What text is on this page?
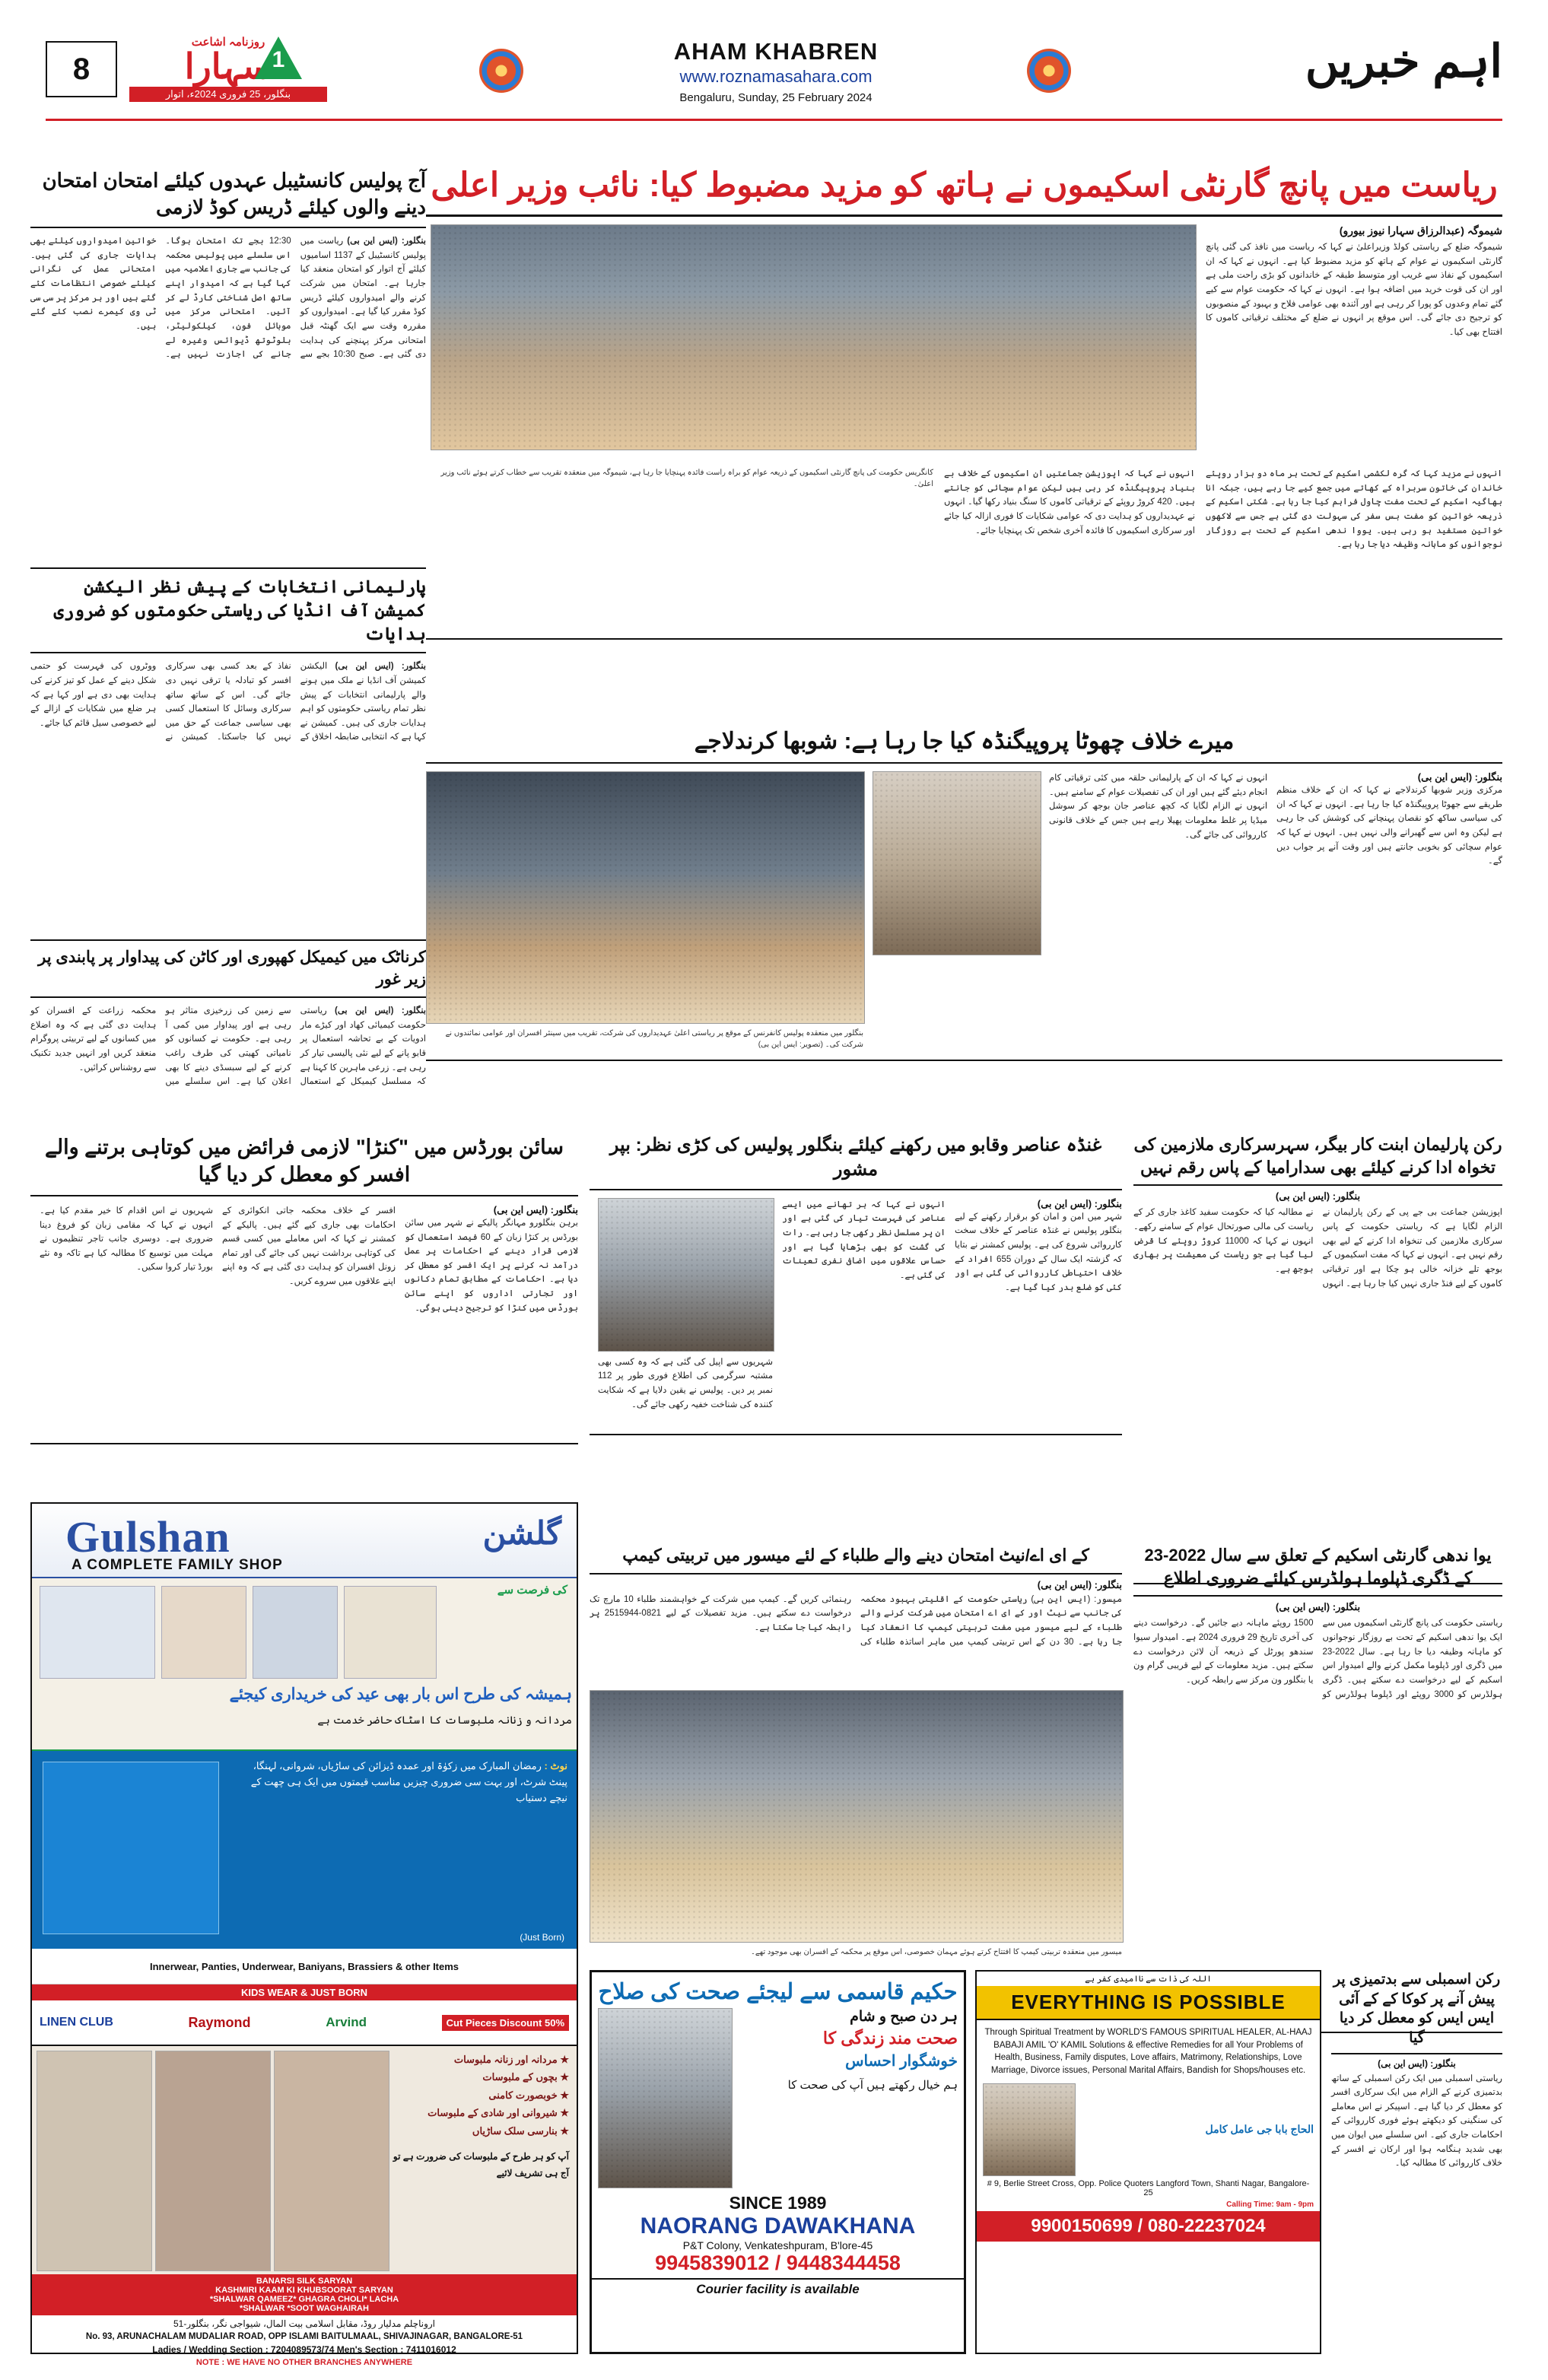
8
روزنامہ اشاعت
سہارا
بنگلور، 25 فروری 2024ء، اتوار
1	AHAM KHABREN
www.roznamasahara.com
Bengaluru, Sunday, 25 February 2024
اہم خبریں
آج پولیس کانسٹیبل عہدوں کیلئے امتحان امتحان دینے والوں کیلئے ڈریس کوڈ لازمی
بنگلور: (ایس این بی) ریاست میں پولیس کانسٹیبل کے 1137 اسامیوں کیلئے آج اتوار کو امتحان منعقد کیا جارہا ہے۔ امتحان میں شرکت کرنے والے امیدواروں کیلئے ڈریس کوڈ مقرر کیا گیا ہے۔ امیدواروں کو مقررہ وقت سے ایک گھنٹہ قبل امتحانی مرکز پہنچنے کی ہدایت دی گئی ہے۔ صبح 10:30 بجے سے 12:30 بجے تک امتحان ہوگا۔ اس سلسلے میں پولیس محکمہ کی جانب سے جاری اعلامیہ میں کہا گیا ہے کہ امیدوار اپنے ساتھ اصل شناختی کارڈ لے کر آئیں۔ امتحانی مرکز میں موبائل فون، کیلکولیٹر، بلوٹوتھ ڈیوائس وغیرہ لے جانے کی اجازت نہیں ہے۔ خواتین امیدواروں کیلئے بھی ہدایات جاری کی گئی ہیں۔ امتحانی عمل کی نگرانی کیلئے خصوصی انتظامات کئے گئے ہیں اور ہر مرکز پر سی سی ٹی وی کیمرے نصب کئے گئے ہیں۔
پارلیمانی انتخابات کے پیش نظر الیکشن کمیشن آف انڈیا کی ریاستی حکومتوں کو ضروری ہدایات
بنگلور: (ایس این بی) الیکشن کمیشن آف انڈیا نے ملک میں ہونے والے پارلیمانی انتخابات کے پیش نظر تمام ریاستی حکومتوں کو اہم ہدایات جاری کی ہیں۔ کمیشن نے کہا ہے کہ انتخابی ضابطہ اخلاق کے نفاذ کے بعد کسی بھی سرکاری افسر کو تبادلہ یا ترقی نہیں دی جائے گی۔ اس کے ساتھ ساتھ سرکاری وسائل کا استعمال کسی بھی سیاسی جماعت کے حق میں نہیں کیا جاسکتا۔ کمیشن نے ووٹروں کی فہرست کو حتمی شکل دینے کے عمل کو تیز کرنے کی ہدایت بھی دی ہے اور کہا ہے کہ ہر ضلع میں شکایات کے ازالے کے لیے خصوصی سیل قائم کیا جائے۔
کرناٹک میں کیمیکل کھپوری اور کاٹن کی پیداوار پر پابندی پر زیر غور
بنگلور: (ایس این بی) ریاستی حکومت کیمیائی کھاد اور کیڑے مار ادویات کے بے تحاشہ استعمال پر قابو پانے کے لیے نئی پالیسی تیار کر رہی ہے۔ زرعی ماہرین کا کہنا ہے کہ مسلسل کیمیکل کے استعمال سے زمین کی زرخیزی متاثر ہو رہی ہے اور پیداوار میں کمی آ رہی ہے۔ حکومت نے کسانوں کو نامیاتی کھیتی کی طرف راغب کرنے کے لیے سبسڈی دینے کا بھی اعلان کیا ہے۔ اس سلسلے میں محکمہ زراعت کے افسران کو ہدایت دی گئی ہے کہ وہ اضلاع میں کسانوں کے لیے تربیتی پروگرام منعقد کریں اور انہیں جدید تکنیک سے روشناس کرائیں۔
ریاست میں پانچ گارنٹی اسکیموں نے ہاتھ کو مزید مضبوط کیا: نائب وزیر اعلی
شیموگہ (عبدالرزاق سہارا نیوز بیورو)
شیموگہ ضلع کے ریاستی کولڈ وزیراعلیٰ نے کہا کہ ریاست میں نافذ کی گئی پانچ گارنٹی اسکیموں نے عوام کے ہاتھ کو مزید مضبوط کیا ہے۔ انہوں نے کہا کہ ان اسکیموں کے نفاذ سے غریب اور متوسط طبقہ کے خاندانوں کو بڑی راحت ملی ہے اور ان کی قوت خرید میں اضافہ ہوا ہے۔ انہوں نے کہا کہ حکومت عوام سے کیے گئے تمام وعدوں کو پورا کر رہی ہے اور آئندہ بھی عوامی فلاح و بہبود کے منصوبوں کو ترجیح دی جائے گی۔ اس موقع پر انہوں نے ضلع کے مختلف ترقیاتی کاموں کا افتتاح بھی کیا۔
انہوں نے مزید کہا کہ گرہ لکشمی اسکیم کے تحت ہر ماہ دو ہزار روپئے خاندان کی خاتون سربراہ کے کھاتے میں جمع کیے جا رہے ہیں، جبکہ انا بھاگیہ اسکیم کے تحت مفت چاول فراہم کیا جا رہا ہے۔ شکتی اسکیم کے ذریعہ خواتین کو مفت بس سفر کی سہولت دی گئی ہے جس سے لاکھوں خواتین مستفید ہو رہی ہیں۔ یووا ندھی اسکیم کے تحت بے روزگار نوجوانوں کو ماہانہ وظیفہ دیا جا رہا ہے۔
انہوں نے کہا کہ اپوزیشن جماعتیں ان اسکیموں کے خلاف بے بنیاد پروپیگنڈہ کر رہی ہیں لیکن عوام سچائی کو جانتے ہیں۔ 420 کروڑ روپئے کے ترقیاتی کاموں کا سنگ بنیاد رکھا گیا۔ انہوں نے عہدیداروں کو ہدایت دی کہ عوامی شکایات کا فوری ازالہ کیا جائے اور سرکاری اسکیموں کا فائدہ آخری شخص تک پہنچایا جائے۔
کانگریس حکومت کی پانچ گارنٹی اسکیموں کے ذریعہ عوام کو براہ راست فائدہ پہنچایا جا رہا ہے، شیموگہ میں منعقدہ تقریب سے خطاب کرتے ہوئے نائب وزیر اعلیٰ۔
میرے خلاف چھوٹا پروپیگنڈہ کیا جا رہا ہے: شوبھا کرندلاجے
بنگلور: (ایس این بی)
مرکزی وزیر شوبھا کرندلاجے نے کہا کہ ان کے خلاف منظم طریقے سے جھوٹا پروپیگنڈہ کیا جا رہا ہے۔ انہوں نے کہا کہ ان کی سیاسی ساکھ کو نقصان پہنچانے کی کوشش کی جا رہی ہے لیکن وہ اس سے گھبرانے والی نہیں ہیں۔ انہوں نے کہا کہ عوام سچائی کو بخوبی جانتے ہیں اور وقت آنے پر جواب دیں گے۔
انہوں نے کہا کہ ان کے پارلیمانی حلقہ میں کئی ترقیاتی کام انجام دیئے گئے ہیں اور ان کی تفصیلات عوام کے سامنے ہیں۔ انہوں نے الزام لگایا کہ کچھ عناصر جان بوجھ کر سوشل میڈیا پر غلط معلومات پھیلا رہے ہیں جس کے خلاف قانونی کارروائی کی جائے گی۔
بنگلور میں منعقدہ پولیس کانفرنس کے موقع پر ریاستی اعلیٰ عہدیداروں کی شرکت، تقریب میں سینئر افسران اور عوامی نمائندوں نے شرکت کی۔ (تصویر: ایس این بی)
سائن بورڈس میں "کنڑا" لازمی فرائض میں کوتاہی برتنے والے افسر کو معطل کر دیا گیا
بنگلور: (ایس این بی)
برہن بنگلورو مہانگر پالیکے نے شہر میں سائن بورڈس پر کنڑا زبان کے 60 فیصد استعمال کو لازمی قرار دینے کے احکامات پر عمل درآمد نہ کرنے پر ایک افسر کو معطل کر دیا ہے۔ احکامات کے مطابق تمام دکانوں اور تجارتی اداروں کو اپنے سائن بورڈس میں کنڑا کو ترجیح دینی ہوگی۔
افسر کے خلاف محکمہ جاتی انکوائری کے احکامات بھی جاری کیے گئے ہیں۔ پالیکے کے کمشنر نے کہا کہ اس معاملے میں کسی قسم کی کوتاہی برداشت نہیں کی جائے گی اور تمام زونل افسران کو ہدایت دی گئی ہے کہ وہ اپنے اپنے علاقوں میں سروے کریں۔
شہریوں نے اس اقدام کا خیر مقدم کیا ہے۔ انہوں نے کہا کہ مقامی زبان کو فروغ دینا ضروری ہے۔ دوسری جانب تاجر تنظیموں نے مہلت میں توسیع کا مطالبہ کیا ہے تاکہ وہ نئے بورڈ تیار کروا سکیں۔
غنڈہ عناصر وقابو میں رکھنے کیلئے بنگلور پولیس کی کڑی نظر: بپر مشور
بنگلور: (ایس این بی)
شہر میں امن و امان کو برقرار رکھنے کے لیے بنگلور پولیس نے غنڈہ عناصر کے خلاف سخت کارروائی شروع کی ہے۔ پولیس کمشنر نے بتایا کہ گزشتہ ایک سال کے دوران 655 افراد کے خلاف احتیاطی کارروائی کی گئی ہے اور کئی کو ضلع بدر کیا گیا ہے۔
انہوں نے کہا کہ ہر تھانے میں ایسے عناصر کی فہرست تیار کی گئی ہے اور ان پر مسلسل نظر رکھی جا رہی ہے۔ رات کی گشت کو بھی بڑھایا گیا ہے اور حساس علاقوں میں اضافی نفری تعینات کی گئی ہے۔
شہریوں سے اپیل کی گئی ہے کہ وہ کسی بھی مشتبہ سرگرمی کی اطلاع فوری طور پر 112 نمبر پر دیں۔ پولیس نے یقین دلایا ہے کہ شکایت کنندہ کی شناخت خفیہ رکھی جائے گی۔
رکن پارلیمان ابنت کار بیگر، سہرسرکاری ملازمین کی تخواہ ادا کرنے کیلئے بھی سدارامیا کے پاس رقم نہیں
بنگلور: (ایس این بی)
اپوزیشن جماعت بی جے پی کے رکن پارلیمان نے الزام لگایا ہے کہ ریاستی حکومت کے پاس سرکاری ملازمین کی تنخواہ ادا کرنے کے لیے بھی رقم نہیں ہے۔ انہوں نے کہا کہ مفت اسکیموں کے بوجھ تلے خزانہ خالی ہو چکا ہے اور ترقیاتی کاموں کے لیے فنڈ جاری نہیں کیا جا رہا ہے۔ انہوں نے مطالبہ کیا کہ حکومت سفید کاغذ جاری کر کے ریاست کی مالی صورتحال عوام کے سامنے رکھے۔ انہوں نے کہا کہ 11000 کروڑ روپئے کا قرض لیا گیا ہے جو ریاست کی معیشت پر بھاری بوجھ ہے۔
یوا ندھی گارنٹی اسکیم کے تعلق سے سال 2022-23 کے ڈگری ڈپلوما ہولڈرس کیلئے ضروری اطلاع
بنگلور: (ایس این بی)
ریاستی حکومت کی پانچ گارنٹی اسکیموں میں سے ایک یوا ندھی اسکیم کے تحت بے روزگار نوجوانوں کو ماہانہ وظیفہ دیا جا رہا ہے۔ سال 2022-23 میں ڈگری اور ڈپلوما مکمل کرنے والے امیدوار اس اسکیم کے لیے درخواست دے سکتے ہیں۔ ڈگری ہولڈرس کو 3000 روپئے اور ڈپلوما ہولڈرس کو 1500 روپئے ماہانہ دیے جائیں گے۔ درخواست دینے کی آخری تاریخ 29 فروری 2024 ہے۔ امیدوار سیوا سندھو پورٹل کے ذریعہ آن لائن درخواست دے سکتے ہیں۔ مزید معلومات کے لیے قریبی گرام ون یا بنگلور ون مرکز سے رابطہ کریں۔
کے ای اے/نیٹ امتحان دینے والے طلباء کے لئے میسور میں تربیتی کیمپ
بنگلور: (ایس این بی)
میسور: (ایس این بی) ریاستی حکومت کے اقلیتی بہبود محکمہ کی جانب سے نیٹ اور کے ای اے امتحان میں شرکت کرنے والے طلباء کے لیے میسور میں مفت تربیتی کیمپ کا انعقاد کیا جا رہا ہے۔ 30 دن کے اس تربیتی کیمپ میں ماہر اساتذہ طلباء کی رہنمائی کریں گے۔ کیمپ میں شرکت کے خواہشمند طلباء 10 مارچ تک درخواست دے سکتے ہیں۔ مزید تفصیلات کے لیے 0821-2515944 پر رابطہ کیا جا سکتا ہے۔
میسور میں منعقدہ تربیتی کیمپ کا افتتاح کرتے ہوئے مہمان خصوصی، اس موقع پر محکمہ کے افسران بھی موجود تھے۔
Gulshan
A COMPLETE FAMILY SHOP
گلشن
کی فرصت سے
ہمیشہ کی طرح اس بار بھی عید کی خریداری کیجئے
مردانہ و زنانہ ملبوسات کا اسٹاک حاضر خدمت ہے
نوٹ : رمضان المبارک میں زکوٰۃ اور عمدہ ڈیزائن کی ساڑیاں، شروانی، لہنگا، پینٹ شرٹ، اور بہت سی ضروری چیزیں مناسب قیمتوں میں ایک ہی چھت کے نیچے دستیاب
(Just Born)
Innerwear, Panties, Underwear, Baniyans, Brassiers & other Items
KIDS WEAR & JUST BORN
LINEN CLUB	Raymond	Arvind	Cut Pieces Discount 50%
★ مردانہ اور زنانہ ملبوسات
★ بچوں کے ملبوسات
★ خوبصورت کامنی
★ شیروانی اور شادی کے ملبوسات
★ بنارسی سلک ساڑیاں
آپ کو ہر طرح کے ملبوسات کی ضرورت ہے تو آج ہی تشریف لائیے
BANARSI SILK SARYAN
KASHMIRI KAAM KI KHUBSOORAT SARYAN
*SHALWAR QAMEEZ* GHAGRA CHOLI* LACHA
*SHALWAR *SOOT WAGHAIRAH
اروناچلم مدلیار روڈ، مقابل اسلامی بیت المال، شیواجی نگر، بنگلور-51
No. 93, ARUNACHALAM MUDALIAR ROAD, OPP ISLAMI BAITULMAAL, SHIVAJINAGAR, BANGALORE-51
Ladies / Wedding Section : 7204089573/74 Men's Section : 7411016012
NOTE : WE HAVE NO OTHER BRANCHES ANYWHERE
حکیم قاسمی سے لیجئے صحت کی صلاح
ہر دن صبح و شام
صحت مند زندگی کا
خوشگوار احساس
ہم خیال رکھتے ہیں آپ کی صحت کا
SINCE 1989
NAORANG DAWAKHANA
P&T Colony, Venkateshpuram, B'lore-45
9945839012 / 9448344458
Courier facility is available
اللہ کی ذات سے ناامیدی کفر ہے
EVERYTHING IS POSSIBLE
Through Spiritual Treatment by WORLD'S FAMOUS SPIRITUAL HEALER, AL-HAAJ BABAJI AMIL 'O' KAMIL Solutions & effective Remedies for all Your Problems of Health, Business, Family disputes, Love affairs, Matrimony, Relationships, Love Marriage, Divorce issues, Personal Marital Affairs, Bandish for Shops/houses etc.
الحاج بابا جی عامل کامل
# 9, Berlie Street Cross, Opp. Police Quoters Langford Town, Shanti Nagar, Bangalore-25
Calling Time: 9am - 9pm
9900150699 / 080-22237024
رکن اسمبلی سے بدتمیزی پر پیش آنے پر کوکا کے کے آئی ایس ایس کو معطل کر دیا گیا
بنگلور: (ایس این بی)
ریاستی اسمبلی میں ایک رکن اسمبلی کے ساتھ بدتمیزی کرنے کے الزام میں ایک سرکاری افسر کو معطل کر دیا گیا ہے۔ اسپیکر نے اس معاملے کی سنگینی کو دیکھتے ہوئے فوری کارروائی کے احکامات جاری کیے۔ اس سلسلے میں ایوان میں بھی شدید ہنگامہ ہوا اور ارکان نے افسر کے خلاف کارروائی کا مطالبہ کیا۔
